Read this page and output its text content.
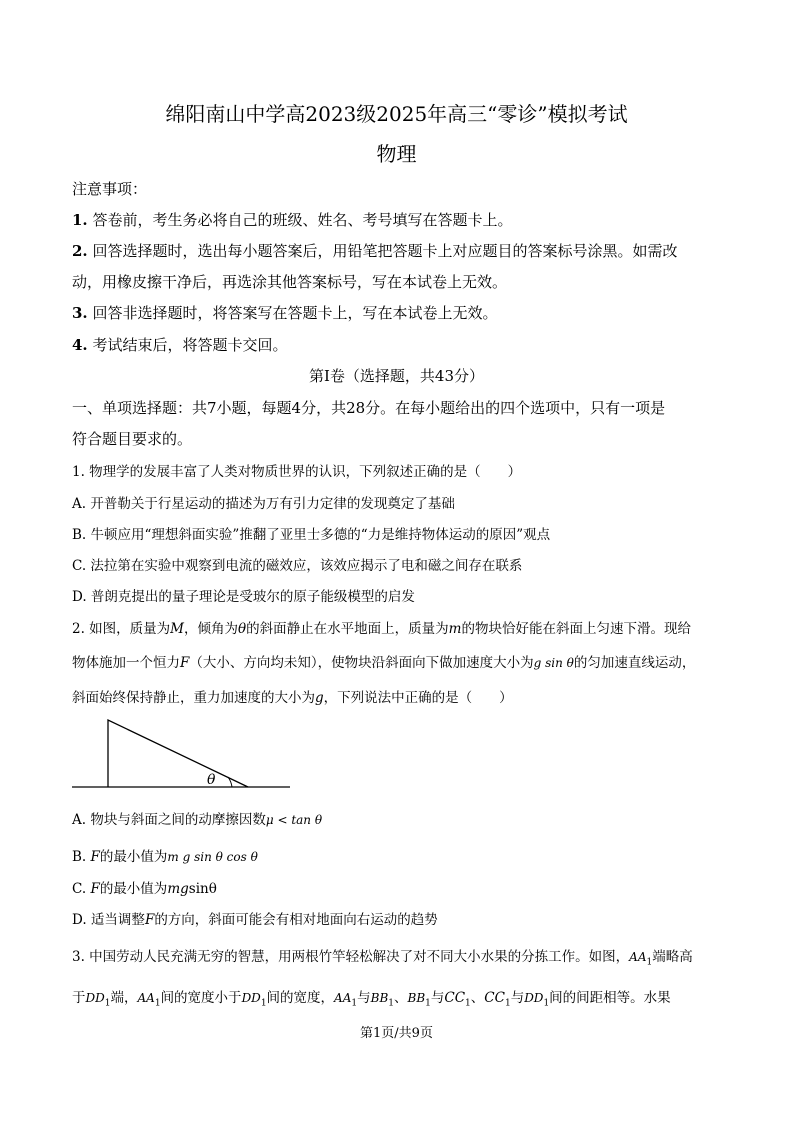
绵阳南山中学高2023级2025年高三“零诊”模拟考试
物理
注意事项：
1. 答卷前，考生务必将自己的班级、姓名、考号填写在答题卡上。
2. 回答选择题时，选出每小题答案后，用铅笔把答题卡上对应题目的答案标号涂黑。如需改
动，用橡皮擦干净后，再选涂其他答案标号，写在本试卷上无效。
3. 回答非选择题时，将答案写在答题卡上，写在本试卷上无效。
4. 考试结束后，将答题卡交回。
第Ⅰ卷（选择题，共43分）
一、单项选择题：共7小题，每题4分，共28分。在每小题给出的四个选项中，只有一项是
符合题目要求的。
1. 物理学的发展丰富了人类对物质世界的认识，下列叙述正确的是（　　）
A. 开普勒关于行星运动的描述为万有引力定律的发现奠定了基础
B. 牛顿应用“理想斜面实验”推翻了亚里士多德的“力是维持物体运动的原因”观点
C. 法拉第在实验中观察到电流的磁效应，该效应揭示了电和磁之间存在联系
D. 普朗克提出的量子理论是受玻尔的原子能级模型的启发
2. 如图，质量为M，倾角为θ的斜面静止在水平地面上，质量为m的物块恰好能在斜面上匀速下滑。现给
物体施加一个恒力F（大小、方向均未知），使物块沿斜面向下做加速度大小为g sin θ的匀加速直线运动，
斜面始终保持静止，重力加速度的大小为g，下列说法中正确的是（　　）
θ
A. 物块与斜面之间的动摩擦因数μ < tan θ
B. F的最小值为m g sin θ cos θ
C. F的最小值为mgsinθ
D. 适当调整F的方向，斜面可能会有相对地面向右运动的趋势
3. 中国劳动人民充满无穷的智慧，用两根竹竿轻松解决了对不同大小水果的分拣工作。如图，$AA_1$端略高
于$DD_1$端，$AA_1$间的宽度小于$DD_1$间的宽度，$AA_1$与$BB_1$、$BB_1$与$CC_1$、$CC_1$与$DD_1$间的间距相等。水果
第1页/共9页
